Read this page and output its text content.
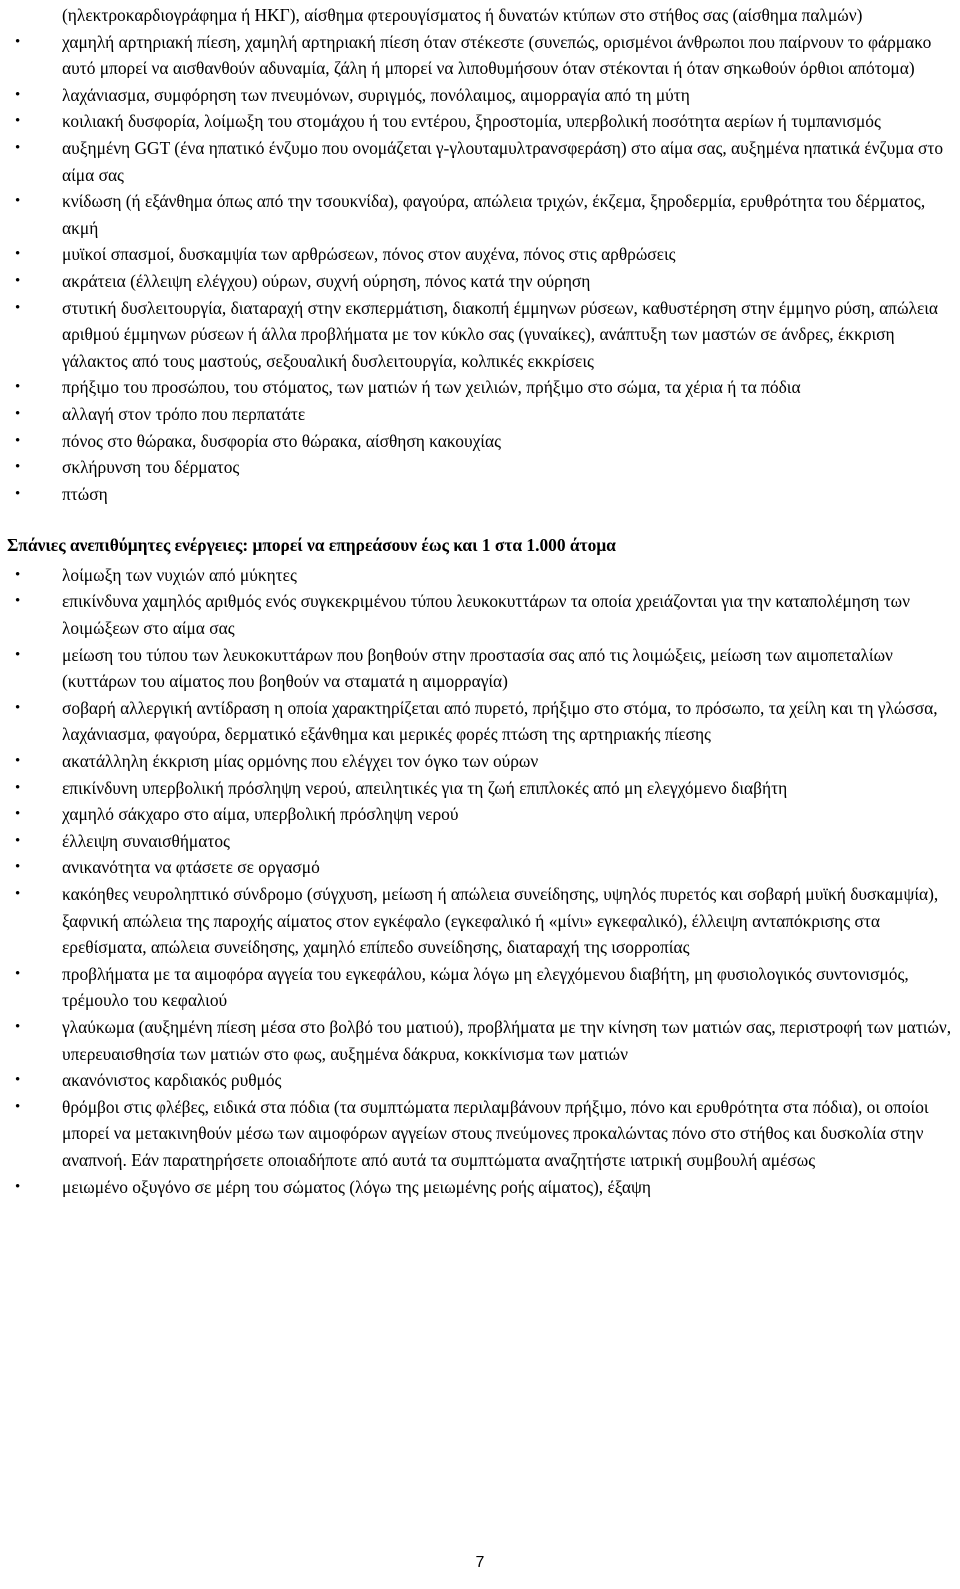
(ηλεκτροκαρδιογράφημα ή ΗΚΓ), αίσθημα φτερουγίσματος ή δυνατών κτύπων στο στήθος σας (αίσθημα παλμών)
• χαμηλή αρτηριακή πίεση, χαμηλή αρτηριακή πίεση όταν στέκεστε (συνεπώς, ορισμένοι άνθρωποι που παίρνουν το φάρμακο αυτό μπορεί να αισθανθούν αδυναμία, ζάλη ή μπορεί να λιποθυμήσουν όταν στέκονται ή όταν σηκωθούν όρθιοι απότομα)
• λαχάνιασμα, συμφόρηση των πνευμόνων, συριγμός, πονόλαιμος, αιμορραγία από τη μύτη
• κοιλιακή δυσφορία, λοίμωξη του στομάχου ή του εντέρου, ξηροστομία, υπερβολική ποσότητα αερίων ή τυμπανισμός
• αυξημένη GGT (ένα ηπατικό ένζυμο που ονομάζεται γ-γλουταμυλτρανσφεράση) στο αίμα σας, αυξημένα ηπατικά ένζυμα στο αίμα σας
• κνίδωση (ή εξάνθημα όπως από την τσουκνίδα), φαγούρα, απώλεια τριχών, έκζεμα, ξηροδερμία, ερυθρότητα του δέρματος, ακμή
• μυϊκοί σπασμοί, δυσκαμψία των αρθρώσεων, πόνος στον αυχένα, πόνος στις αρθρώσεις
• ακράτεια (έλλειψη ελέγχου) ούρων, συχνή ούρηση, πόνος κατά την ούρηση
• στυτική δυσλειτουργία, διαταραχή στην εκσπερμάτιση, διακοπή έμμηνων ρύσεων, καθυστέρηση στην έμμηνο ρύση, απώλεια αριθμού έμμηνων ρύσεων ή άλλα προβλήματα με τον κύκλο σας (γυναίκες), ανάπτυξη των μαστών σε άνδρες, έκκριση γάλακτος από τους μαστούς, σεξουαλική δυσλειτουργία, κολπικές εκκρίσεις
• πρήξιμο του προσώπου, του στόματος, των ματιών ή των χειλιών, πρήξιμο στο σώμα, τα χέρια ή τα πόδια
• αλλαγή στον τρόπο που περπατάτε
• πόνος στο θώρακα, δυσφορία στο θώρακα, αίσθηση κακουχίας
• σκλήρυνση του δέρματος
• πτώση
Σπάνιες ανεπιθύμητες ενέργειες: μπορεί να επηρεάσουν έως και 1 στα 1.000 άτομα
• λοίμωξη των νυχιών από μύκητες
• επικίνδυνα χαμηλός αριθμός ενός συγκεκριμένου τύπου λευκοκυττάρων τα οποία χρειάζονται για την καταπολέμηση των λοιμώξεων στο αίμα σας
• μείωση του τύπου των λευκοκυττάρων που βοηθούν στην προστασία σας από τις λοιμώξεις, μείωση των αιμοπεταλίων (κυττάρων του αίματος που βοηθούν να σταματά η αιμορραγία)
• σοβαρή αλλεργική αντίδραση η οποία χαρακτηρίζεται από πυρετό, πρήξιμο στο στόμα, το πρόσωπο, τα χείλη και τη γλώσσα, λαχάνιασμα, φαγούρα, δερματικό εξάνθημα και μερικές φορές πτώση της αρτηριακής πίεσης
• ακατάλληλη έκκριση μίας ορμόνης που ελέγχει τον όγκο των ούρων
• επικίνδυνη υπερβολική πρόσληψη νερού, απειλητικές για τη ζωή επιπλοκές από μη ελεγχόμενο διαβήτη
• χαμηλό σάκχαρο στο αίμα, υπερβολική πρόσληψη νερού
• έλλειψη συναισθήματος
• ανικανότητα να φτάσετε σε οργασμό
• κακόηθες νευροληπτικό σύνδρομο (σύγχυση, μείωση ή απώλεια συνείδησης, υψηλός πυρετός και σοβαρή μυϊκή δυσκαμψία), ξαφνική απώλεια της παροχής αίματος στον εγκέφαλο (εγκεφαλικό ή «μίνι» εγκεφαλικό), έλλειψη ανταπόκρισης στα ερεθίσματα, απώλεια συνείδησης, χαμηλό επίπεδο συνείδησης, διαταραχή της ισορροπίας
• προβλήματα με τα αιμοφόρα αγγεία του εγκεφάλου, κώμα λόγω μη ελεγχόμενου διαβήτη, μη φυσιολογικός συντονισμός, τρέμουλο του κεφαλιού
• γλαύκωμα (αυξημένη πίεση μέσα στο βολβό του ματιού), προβλήματα με την κίνηση των ματιών σας, περιστροφή των ματιών, υπερευαισθησία των ματιών στο φως, αυξημένα δάκρυα, κοκκίνισμα των ματιών
• ακανόνιστος καρδιακός ρυθμός
• θρόμβοι στις φλέβες, ειδικά στα πόδια (τα συμπτώματα περιλαμβάνουν πρήξιμο, πόνο και ερυθρότητα στα πόδια), οι οποίοι μπορεί να μετακινηθούν μέσω των αιμοφόρων αγγείων στους πνεύμονες προκαλώντας πόνο στο στήθος και δυσκολία στην αναπνοή. Εάν παρατηρήσετε οποιαδήποτε από αυτά τα συμπτώματα αναζητήστε ιατρική συμβουλή αμέσως
• μειωμένο οξυγόνο σε μέρη του σώματος (λόγω της μειωμένης ροής αίματος), έξαψη
7
